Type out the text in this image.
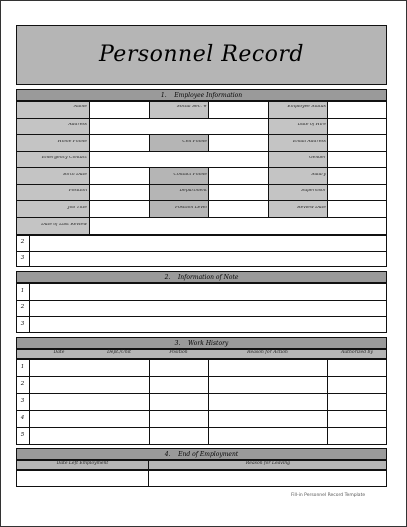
Personnel Record
1. Employee Information
Name	Social Sec. #	Employee Status
Address	Date of Hire
Home Phone	Cell Phone	Email Address
Emergency Contact	Gender
Birth Date	Contact Phone	Salary
Position	Department	Supervisor
Job Title	Position Level	Review Date
Date of Last Review
2
3
2. Information of Note
1
2
3
3. Work History
Date	Dept./Unit	Position	Reason for Action	Authorized by
1
2
3
4
5
4. End of Employment
Date Left Employment	Reason for Leaving
Fill-in Personnel Record Template
